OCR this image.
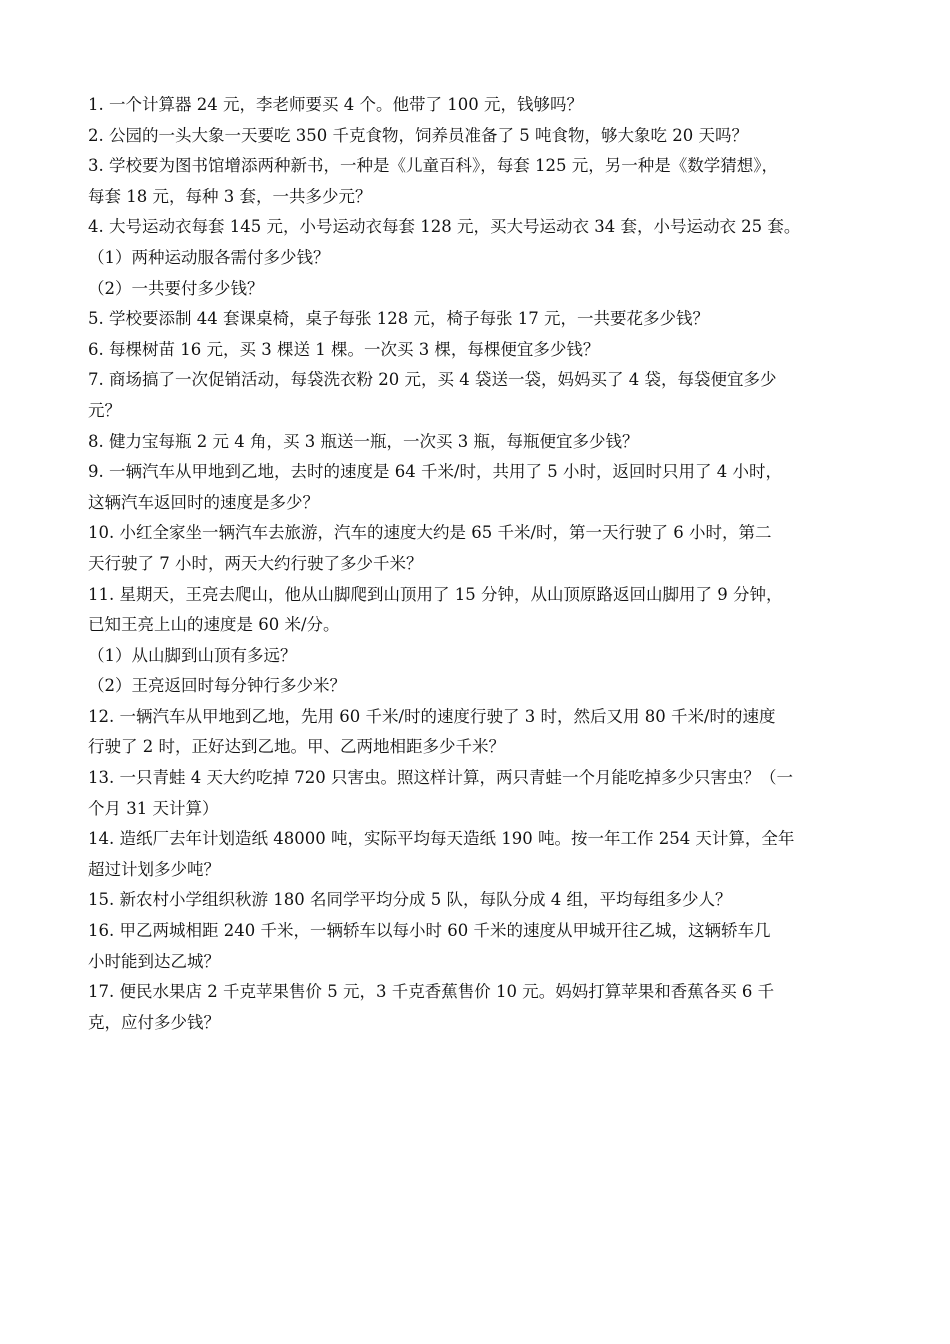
1. 一个计算器 24 元，李老师要买 4 个。他带了 100 元，钱够吗？
2. 公园的一头大象一天要吃 350 千克食物，饲养员准备了 5 吨食物，够大象吃 20 天吗？
3. 学校要为图书馆增添两种新书，一种是《儿童百科》，每套 125 元，另一种是《数学猜想》，
每套 18 元，每种 3 套，一共多少元？
4. 大号运动衣每套 145 元，小号运动衣每套 128 元，买大号运动衣 34 套，小号运动衣 25 套。
（1）两种运动服各需付多少钱？
（2）一共要付多少钱？
5. 学校要添制 44 套课桌椅，桌子每张 128 元，椅子每张 17 元，一共要花多少钱？
6. 每棵树苗 16 元，买 3 棵送 1 棵。一次买 3 棵，每棵便宜多少钱？
7. 商场搞了一次促销活动，每袋洗衣粉 20 元，买 4 袋送一袋，妈妈买了 4 袋，每袋便宜多少
元？
8. 健力宝每瓶 2 元 4 角，买 3 瓶送一瓶，一次买 3 瓶，每瓶便宜多少钱？
9. 一辆汽车从甲地到乙地，去时的速度是 64 千米/时，共用了 5 小时，返回时只用了 4 小时，
这辆汽车返回时的速度是多少？
10. 小红全家坐一辆汽车去旅游，汽车的速度大约是 65 千米/时，第一天行驶了 6 小时，第二
天行驶了 7 小时，两天大约行驶了多少千米？
11. 星期天，王亮去爬山，他从山脚爬到山顶用了 15 分钟，从山顶原路返回山脚用了 9 分钟，
已知王亮上山的速度是 60 米/分。
（1）从山脚到山顶有多远？
（2）王亮返回时每分钟行多少米？
12. 一辆汽车从甲地到乙地，先用 60 千米/时的速度行驶了 3 时，然后又用 80 千米/时的速度
行驶了 2 时，正好达到乙地。甲、乙两地相距多少千米？
13. 一只青蛙 4 天大约吃掉 720 只害虫。照这样计算，两只青蛙一个月能吃掉多少只害虫？（一
个月 31 天计算）
14. 造纸厂去年计划造纸 48000 吨，实际平均每天造纸 190 吨。按一年工作 254 天计算，全年
超过计划多少吨？
15. 新农村小学组织秋游 180 名同学平均分成 5 队，每队分成 4 组，平均每组多少人？
16. 甲乙两城相距 240 千米，一辆轿车以每小时 60 千米的速度从甲城开往乙城，这辆轿车几
小时能到达乙城？
17. 便民水果店 2 千克苹果售价 5 元，3 千克香蕉售价 10 元。妈妈打算苹果和香蕉各买 6 千
克，应付多少钱？
